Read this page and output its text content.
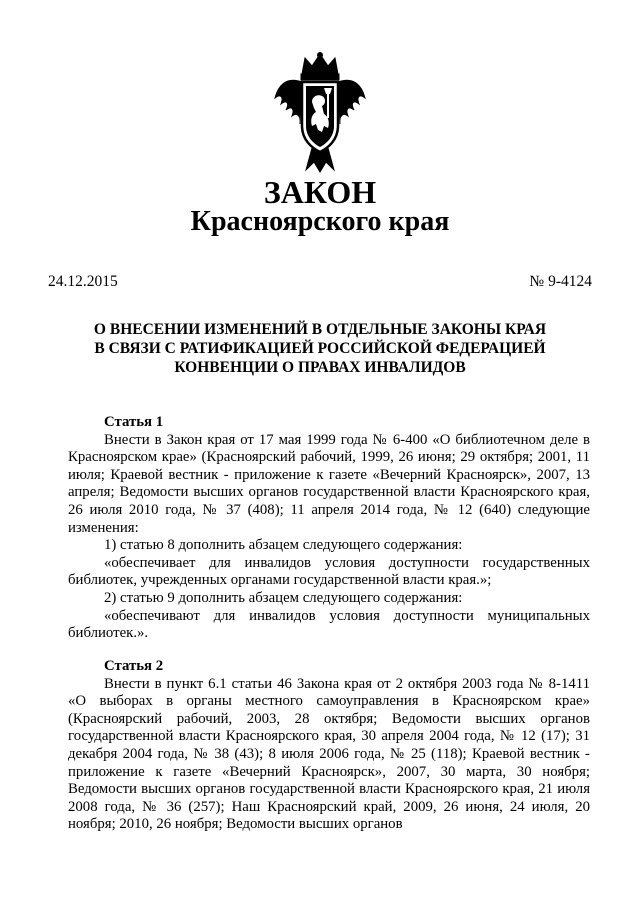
ЗАКОН
Красноярского края
24.12.2015	№ 9-4124
О ВНЕСЕНИИ ИЗМЕНЕНИЙ В ОТДЕЛЬНЫЕ ЗАКОНЫ КРАЯ
В СВЯЗИ С РАТИФИКАЦИЕЙ РОССИЙСКОЙ ФЕДЕРАЦИЕЙ
КОНВЕНЦИИ О ПРАВАХ ИНВАЛИДОВ

Статья 1

Внести в Закон края от 17 мая 1999 года № 6-400 «О библиотечном деле в Красноярском крае» (Красноярский рабочий, 1999, 26 июня; 29 октября; 2001, 11 июля; Краевой вестник - приложение к газете «Вечерний Красноярск», 2007, 13 апреля; Ведомости высших органов государственной власти Красноярского края, 26 июля 2010 года, № 37 (408); 11 апреля 2014 года, № 12 (640) следующие изменения:

1) статью 8 дополнить абзацем следующего содержания:

«обеспечивает для инвалидов условия доступности государственных библиотек, учрежденных органами государственной власти края.»;

2) статью 9 дополнить абзацем следующего содержания:

«обеспечивают для инвалидов условия доступности муниципальных библиотек.».

Статья 2

Внести в пункт 6.1 статьи 46 Закона края от 2 октября 2003 года № 8-1411 «О выборах в органы местного самоуправления в Красноярском крае» (Красноярский рабочий, 2003, 28 октября; Ведомости высших органов государственной власти Красноярского края, 30 апреля 2004 года, № 12 (17); 31 декабря 2004 года, № 38 (43); 8 июля 2006 года, № 25 (118); Краевой вестник - приложение к газете «Вечерний Красноярск», 2007, 30 марта, 30 ноября; Ведомости высших органов государственной власти Красноярского края, 21 июля 2008 года, № 36 (257); Наш Красноярский край, 2009, 26 июня, 24 июля, 20 ноября; 2010, 26 ноября; Ведомости высших органов
